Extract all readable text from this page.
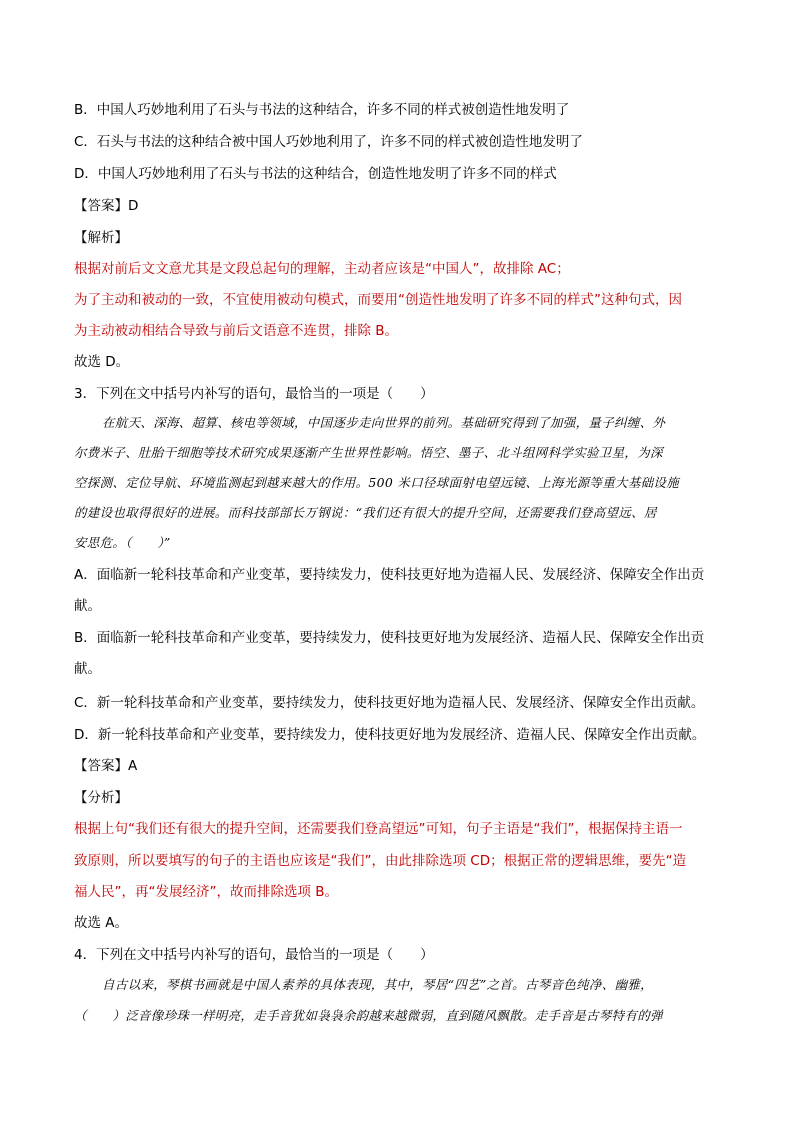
B．中国人巧妙地利用了石头与书法的这种结合，许多不同的样式被创造性地发明了
C．石头与书法的这种结合被中国人巧妙地利用了，许多不同的样式被创造性地发明了
D．中国人巧妙地利用了石头与书法的这种结合，创造性地发明了许多不同的样式
【答案】D
【解析】
根据对前后文文意尤其是文段总起句的理解，主动者应该是“中国人”，故排除 AC；
为了主动和被动的一致，不宜使用被动句模式，而要用“创造性地发明了许多不同的样式”这种句式，因
为主动被动相结合导致与前后文语意不连贯，排除 B。
故选 D。
3．下列在文中括号内补写的语句，最恰当的一项是（　　）
在航天、深海、超算、核电等领域，中国逐步走向世界的前列。基础研究得到了加强，量子纠缠、外
尔费米子、肚胎干细胞等技术研究成果逐渐产生世界性影响。悟空、墨子、北斗组网科学实验卫星，为深
空探测、定位导航、环境监测起到越来越大的作用。500 米口径球面射电望远镜、上海光源等重大基础设施
的建设也取得很好的进展。而科技部部长万钢说：“我们还有很大的提升空间，还需要我们登高望远、居
安思危。（　　）”
A．面临新一轮科技革命和产业变革，要持续发力，使科技更好地为造福人民、发展经济、保障安全作出贡
献。
B．面临新一轮科技革命和产业变革，要持续发力，使科技更好地为发展经济、造福人民、保障安全作出贡
献。
C．新一轮科技革命和产业变革，要持续发力，使科技更好地为造福人民、发展经济、保障安全作出贡献。
D．新一轮科技革命和产业变革，要持续发力，使科技更好地为发展经济、造福人民、保障安全作出贡献。
【答案】A
【分析】
根据上句“我们还有很大的提升空间，还需要我们登高望远”可知，句子主语是“我们”，根据保持主语一
致原则，所以要填写的句子的主语也应该是“我们”，由此排除选项 CD；根据正常的逻辑思维，要先“造
福人民”，再“发展经济”，故而排除选项 B。
故选 A。
4．下列在文中括号内补写的语句，最恰当的一项是（　　）
自古以来，琴棋书画就是中国人素养的具体表现，其中，琴居“四艺”之首。古琴音色纯净、幽雅，
（　　）泛音像珍珠一样明亮，走手音犹如袅袅余韵越来越微弱，直到随风飘散。走手音是古琴特有的弹
